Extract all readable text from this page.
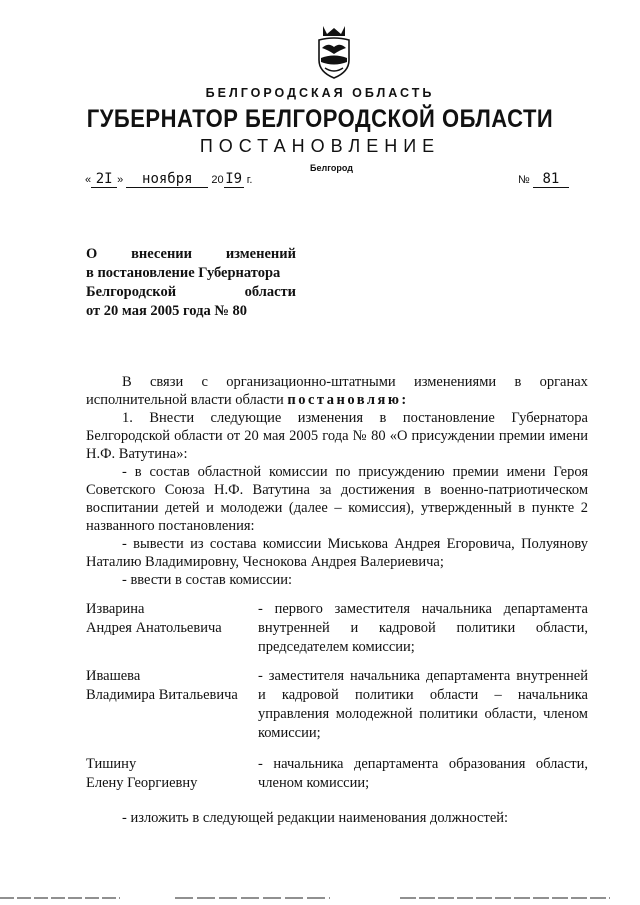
БЕЛГОРОДСКАЯ ОБЛАСТЬ
ГУБЕРНАТОР БЕЛГОРОДСКОЙ ОБЛАСТИ
ПОСТАНОВЛЕНИЕ
Белгород
« 2I » ноября 20 I9 г.	№ 81
О внесении изменений
в постановление Губернатора
Белгородской	области
от 20 мая 2005 года № 80
В связи с организационно-штатными изменениями в органах
исполнительной власти области постановляю:
1. Внести следующие изменения в постановление Губернатора Белгородской области от 20 мая 2005 года № 80 «О присуждении премии имени Н.Ф. Ватутина»:
- в состав областной комиссии по присуждению премии имени Героя Советского Союза Н.Ф. Ватутина за достижения в военно-патриотическом воспитании детей и молодежи (далее – комиссия), утвержденный в пункте 2 названного постановления:
- вывести из состава комиссии Миськова Андрея Егоровича, Полуянову Наталию Владимировну, Чеснокова Андрея Валериевича;
- ввести в состав комиссии:
Изварина
Андрея Анатольевича
- первого заместителя начальника департамента внутренней и кадровой политики области, председателем комиссии;
Ивашева
Владимира Витальевича
- заместителя начальника департамента внутренней и кадровой политики области – начальника управления молодежной политики области, членом комиссии;
Тишину
Елену Георгиевну
- начальника департамента образования области, членом комиссии;
- изложить в следующей редакции наименования должностей:
